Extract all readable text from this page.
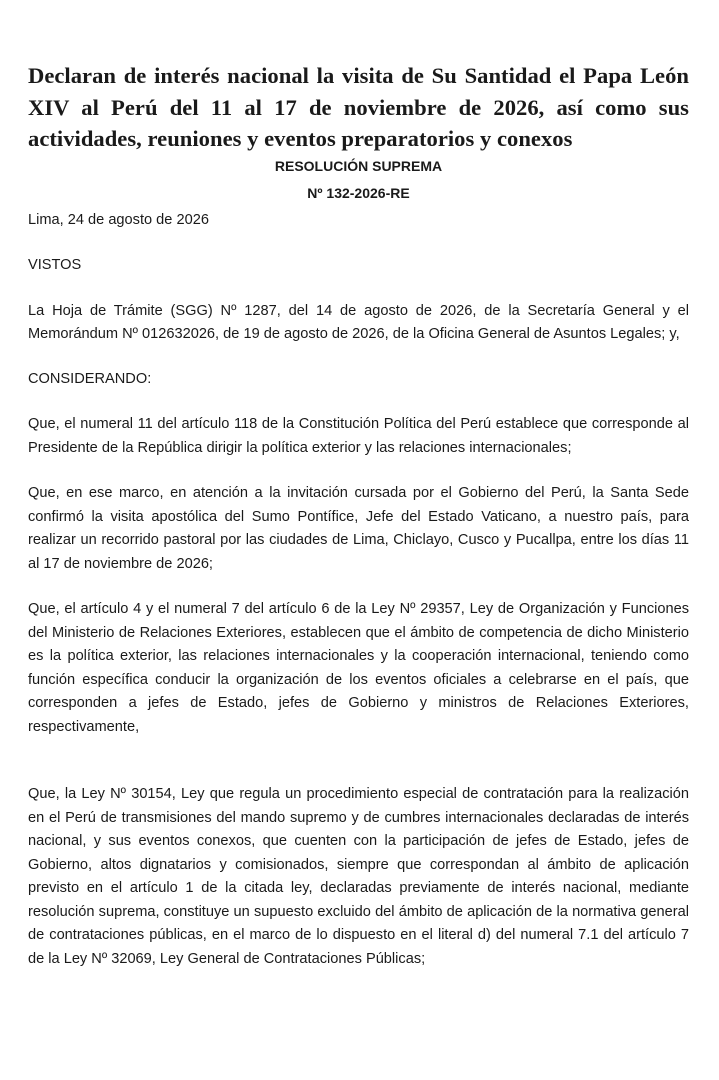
Declaran de interés nacional la visita de Su Santidad el Papa León XIV al Perú del 11 al 17 de noviembre de 2026, así como sus actividades, reuniones y eventos preparatorios y conexos
RESOLUCIÓN SUPREMA
Nº 132-2026-RE

Lima, 24 de agosto de 2026

VISTOS

La Hoja de Trámite (SGG) Nº 1287, del 14 de agosto de 2026, de la Secretaría General y el Memorándum Nº 012632026, de 19 de agosto de 2026, de la Oficina General de Asuntos Legales; y,

CONSIDERANDO:

Que, el numeral 11 del artículo 118 de la Constitución Política del Perú establece que corresponde al Presidente de la República dirigir la política exterior y las relaciones internacionales;

Que, en ese marco, en atención a la invitación cursada por el Gobierno del Perú, la Santa Sede confirmó la visita apostólica del Sumo Pontífice, Jefe del Estado Vaticano, a nuestro país, para realizar un recorrido pastoral por las ciudades de Lima, Chiclayo, Cusco y Pucallpa, entre los días 11 al 17 de noviembre de 2026;

Que, el artículo 4 y el numeral 7 del artículo 6 de la Ley Nº 29357, Ley de Organización y Funciones del Ministerio de Relaciones Exteriores, establecen que el ámbito de competencia de dicho Ministerio es la política exterior, las relaciones internacionales y la cooperación internacional, teniendo como función específica conducir la organización de los eventos oficiales a celebrarse en el país, que corresponden a jefes de Estado, jefes de Gobierno y ministros de Relaciones Exteriores, respectivamente,

Que, la Ley Nº 30154, Ley que regula un procedimiento especial de contratación para la realización en el Perú de transmisiones del mando supremo y de cumbres internacionales declaradas de interés nacional, y sus eventos conexos, que cuenten con la participación de jefes de Estado, jefes de Gobierno, altos dignatarios y comisionados, siempre que correspondan al ámbito de aplicación previsto en el artículo 1 de la citada ley, declaradas previamente de interés nacional, mediante resolución suprema, constituye un supuesto excluido del ámbito de aplicación de la normativa general de contrataciones públicas, en el marco de lo dispuesto en el literal d) del numeral 7.1 del artículo 7 de la Ley Nº 32069, Ley General de Contrataciones Públicas;
